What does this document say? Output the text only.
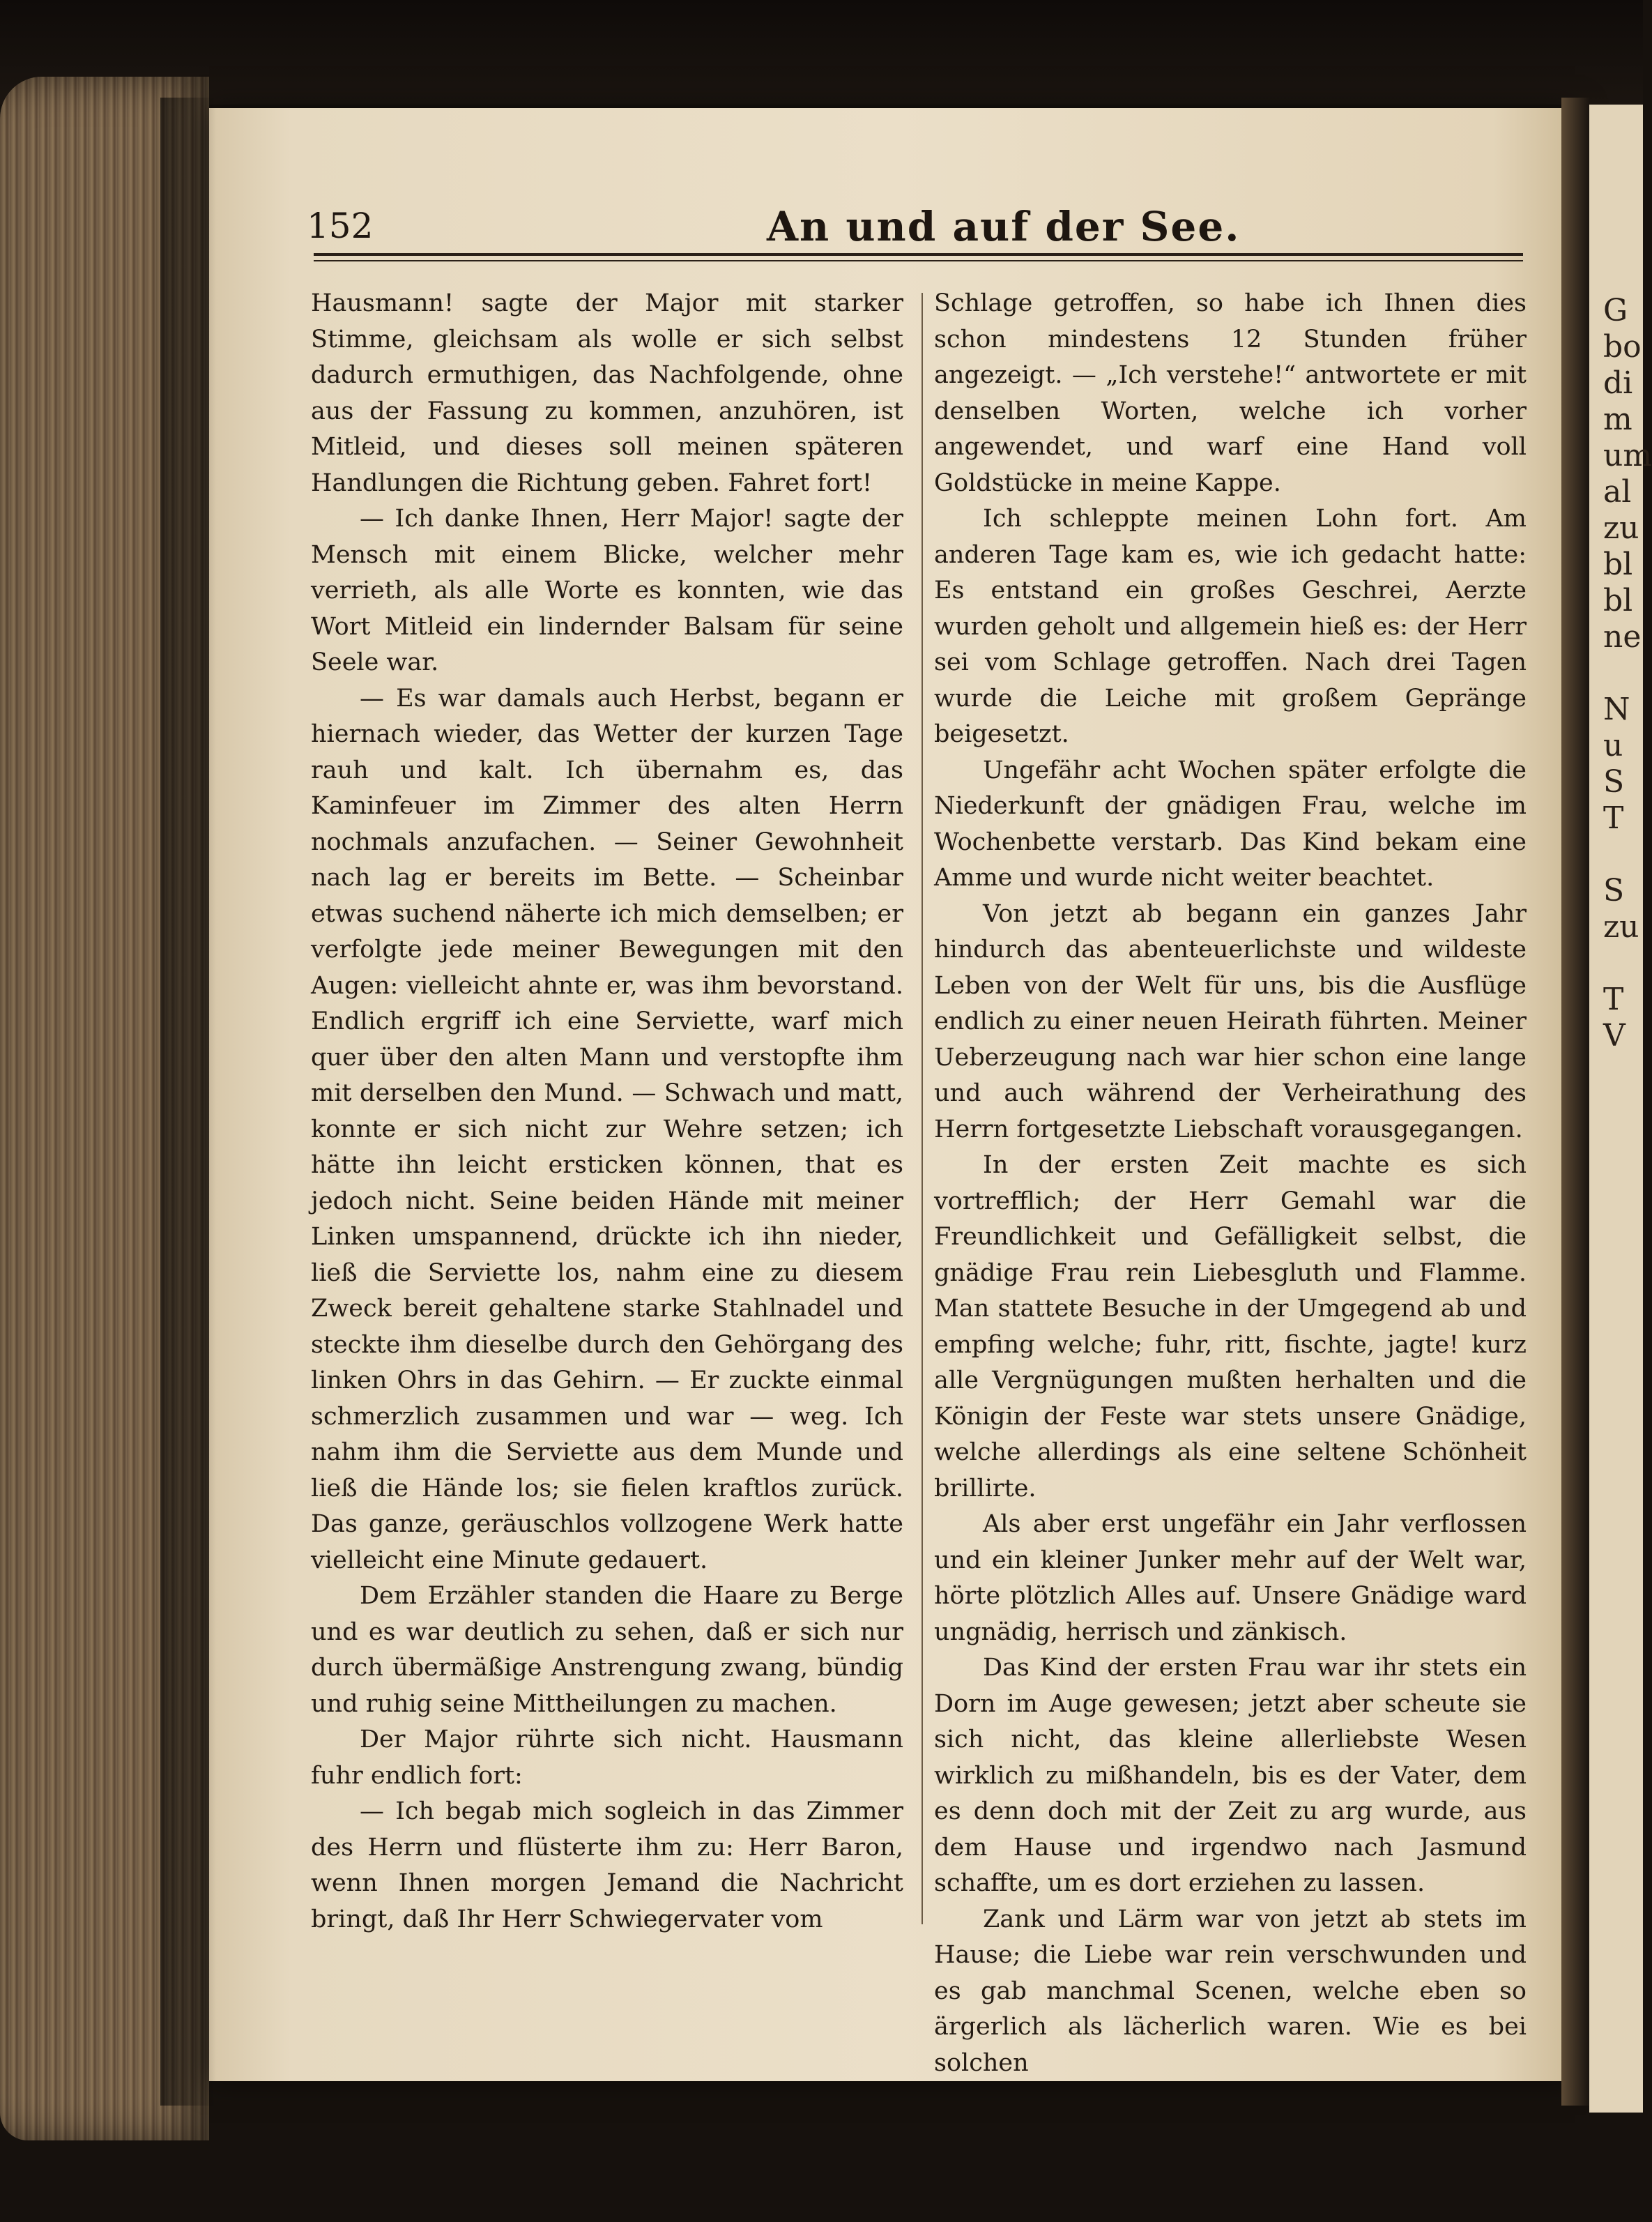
G
bo
di
m
um
al
zu
bl
bl
ne

N
u
S
T

S
zu

T
V
152	An und auf der See.

Hausmann! sagte der Major mit starker Stimme, gleichsam als wolle er sich selbst dadurch ermuthigen, das Nachfolgende, ohne aus der Fassung zu kommen, anzuhören, ist Mitleid, und dieses soll meinen späteren Handlungen die Richtung geben. Fahret fort!

— Ich danke Ihnen, Herr Major! sagte der Mensch mit einem Blicke, welcher mehr verrieth, als alle Worte es konnten, wie das Wort Mitleid ein lindernder Balsam für seine Seele war.

— Es war damals auch Herbst, begann er hiernach wieder, das Wetter der kurzen Tage rauh und kalt. Ich übernahm es, das Kaminfeuer im Zimmer des alten Herrn nochmals anzufachen. — Seiner Gewohnheit nach lag er bereits im Bette. — Scheinbar etwas suchend näherte ich mich demselben; er verfolgte jede meiner Bewegungen mit den Augen: vielleicht ahnte er, was ihm bevorstand. Endlich ergriff ich eine Serviette, warf mich quer über den alten Mann und verstopfte ihm mit derselben den Mund. — Schwach und matt, konnte er sich nicht zur Wehre setzen; ich hätte ihn leicht ersticken können, that es jedoch nicht. Seine beiden Hände mit meiner Linken umspannend, drückte ich ihn nieder, ließ die Serviette los, nahm eine zu diesem Zweck bereit gehaltene starke Stahlnadel und steckte ihm dieselbe durch den Gehörgang des linken Ohrs in das Gehirn. — Er zuckte einmal schmerzlich zusammen und war — weg. Ich nahm ihm die Serviette aus dem Munde und ließ die Hände los; sie fielen kraftlos zurück. Das ganze, geräuschlos vollzogene Werk hatte vielleicht eine Minute gedauert.

Dem Erzähler standen die Haare zu Berge und es war deutlich zu sehen, daß er sich nur durch übermäßige Anstrengung zwang, bündig und ruhig seine Mittheilungen zu machen.

Der Major rührte sich nicht. Hausmann fuhr endlich fort:

— Ich begab mich sogleich in das Zimmer des Herrn und flüsterte ihm zu: Herr Baron, wenn Ihnen morgen Jemand die Nachricht bringt, daß Ihr Herr Schwiegervater vom

Schlage getroffen, so habe ich Ihnen dies schon mindestens 12 Stunden früher angezeigt. — „Ich verstehe!“ antwortete er mit denselben Worten, welche ich vorher angewendet, und warf eine Hand voll Goldstücke in meine Kappe.

Ich schleppte meinen Lohn fort. Am anderen Tage kam es, wie ich gedacht hatte: Es entstand ein großes Geschrei, Aerzte wurden geholt und allgemein hieß es: der Herr sei vom Schlage getroffen. Nach drei Tagen wurde die Leiche mit großem Gepränge beigesetzt.

Ungefähr acht Wochen später erfolgte die Niederkunft der gnädigen Frau, welche im Wochenbette verstarb. Das Kind bekam eine Amme und wurde nicht weiter beachtet.

Von jetzt ab begann ein ganzes Jahr hindurch das abenteuerlichste und wildeste Leben von der Welt für uns, bis die Ausflüge endlich zu einer neuen Heirath führten. Meiner Ueberzeugung nach war hier schon eine lange und auch während der Verheirathung des Herrn fortgesetzte Liebschaft vorausgegangen.

In der ersten Zeit machte es sich vortrefflich; der Herr Gemahl war die Freundlichkeit und Gefälligkeit selbst, die gnädige Frau rein Liebesgluth und Flamme. Man stattete Besuche in der Umgegend ab und empfing welche; fuhr, ritt, fischte, jagte! kurz alle Vergnügungen mußten herhalten und die Königin der Feste war stets unsere Gnädige, welche allerdings als eine seltene Schönheit brillirte.

Als aber erst ungefähr ein Jahr verflossen und ein kleiner Junker mehr auf der Welt war, hörte plötzlich Alles auf. Unsere Gnädige ward ungnädig, herrisch und zänkisch.

Das Kind der ersten Frau war ihr stets ein Dorn im Auge gewesen; jetzt aber scheute sie sich nicht, das kleine allerliebste Wesen wirklich zu mißhandeln, bis es der Vater, dem es denn doch mit der Zeit zu arg wurde, aus dem Hause und irgendwo nach Jasmund schaffte, um es dort erziehen zu lassen.

Zank und Lärm war von jetzt ab stets im Hause; die Liebe war rein verschwunden und es gab manchmal Scenen, welche eben so ärgerlich als lächerlich waren. Wie es bei solchen
